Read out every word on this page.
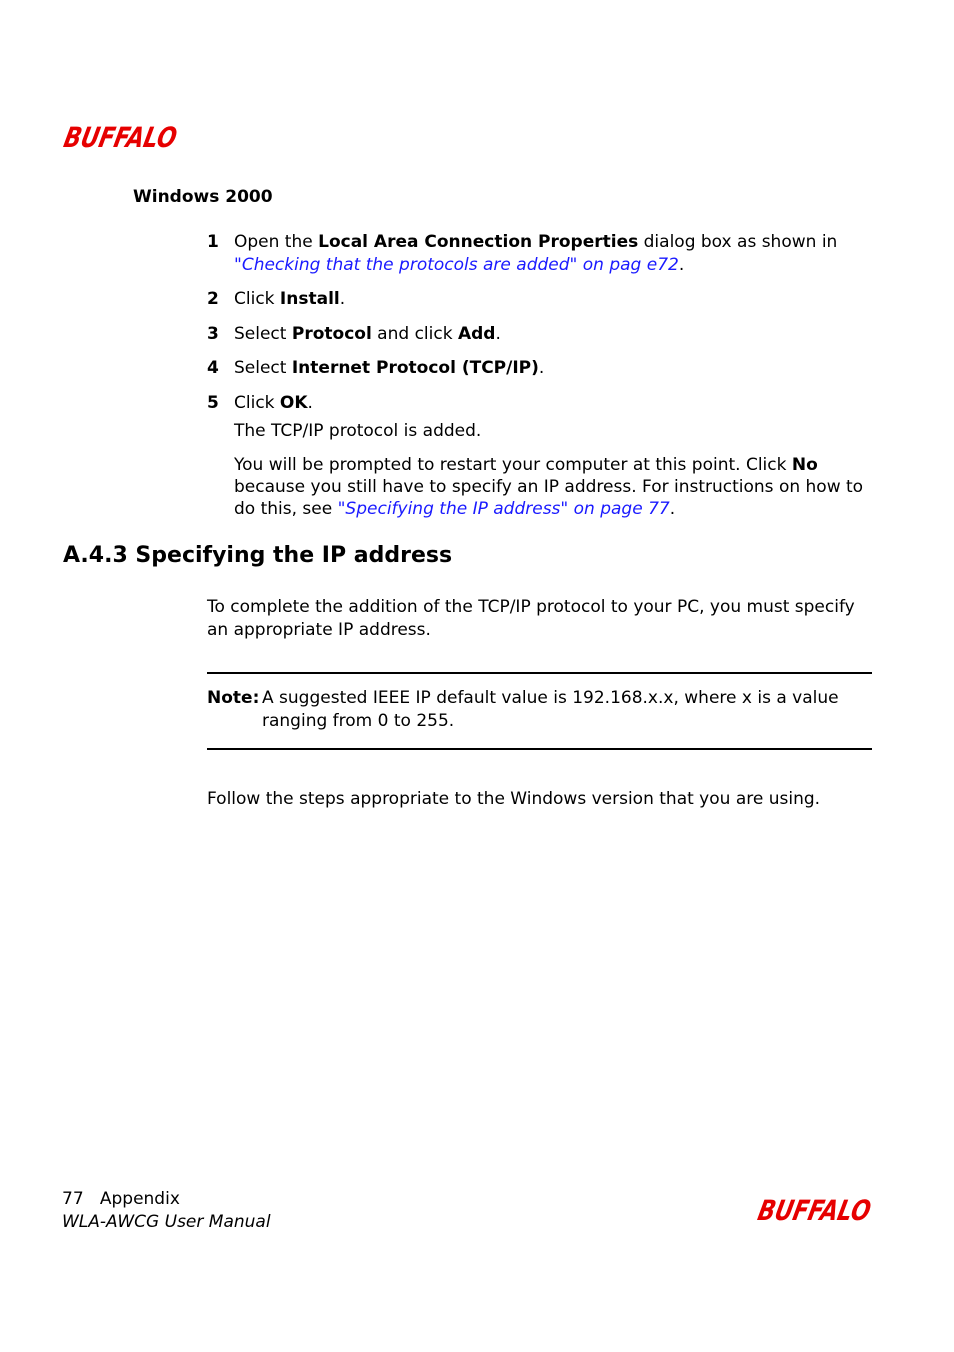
BUFFALO
Windows 2000
1 Open the Local Area Connection Properties dialog box as shown in "Checking that the protocols are added" on pag e72.
2 Click Install.
3 Select Protocol and click Add.
4 Select Internet Protocol (TCP/IP).
5 Click OK.
The TCP/IP protocol is added.
You will be prompted to restart your computer at this point. Click No because you still have to specify an IP address. For instructions on how to do this, see "Specifying the IP address" on page 77.
A.4.3 Specifying the IP address
To complete the addition of the TCP/IP protocol to your PC, you must specify an appropriate IP address.
Note: A suggested IEEE IP default value is 192.168.x.x, where x is a value ranging from 0 to 255.
Follow the steps appropriate to the Windows version that you are using.
77 Appendix
WLA-AWCG User Manual	BUFFALO
